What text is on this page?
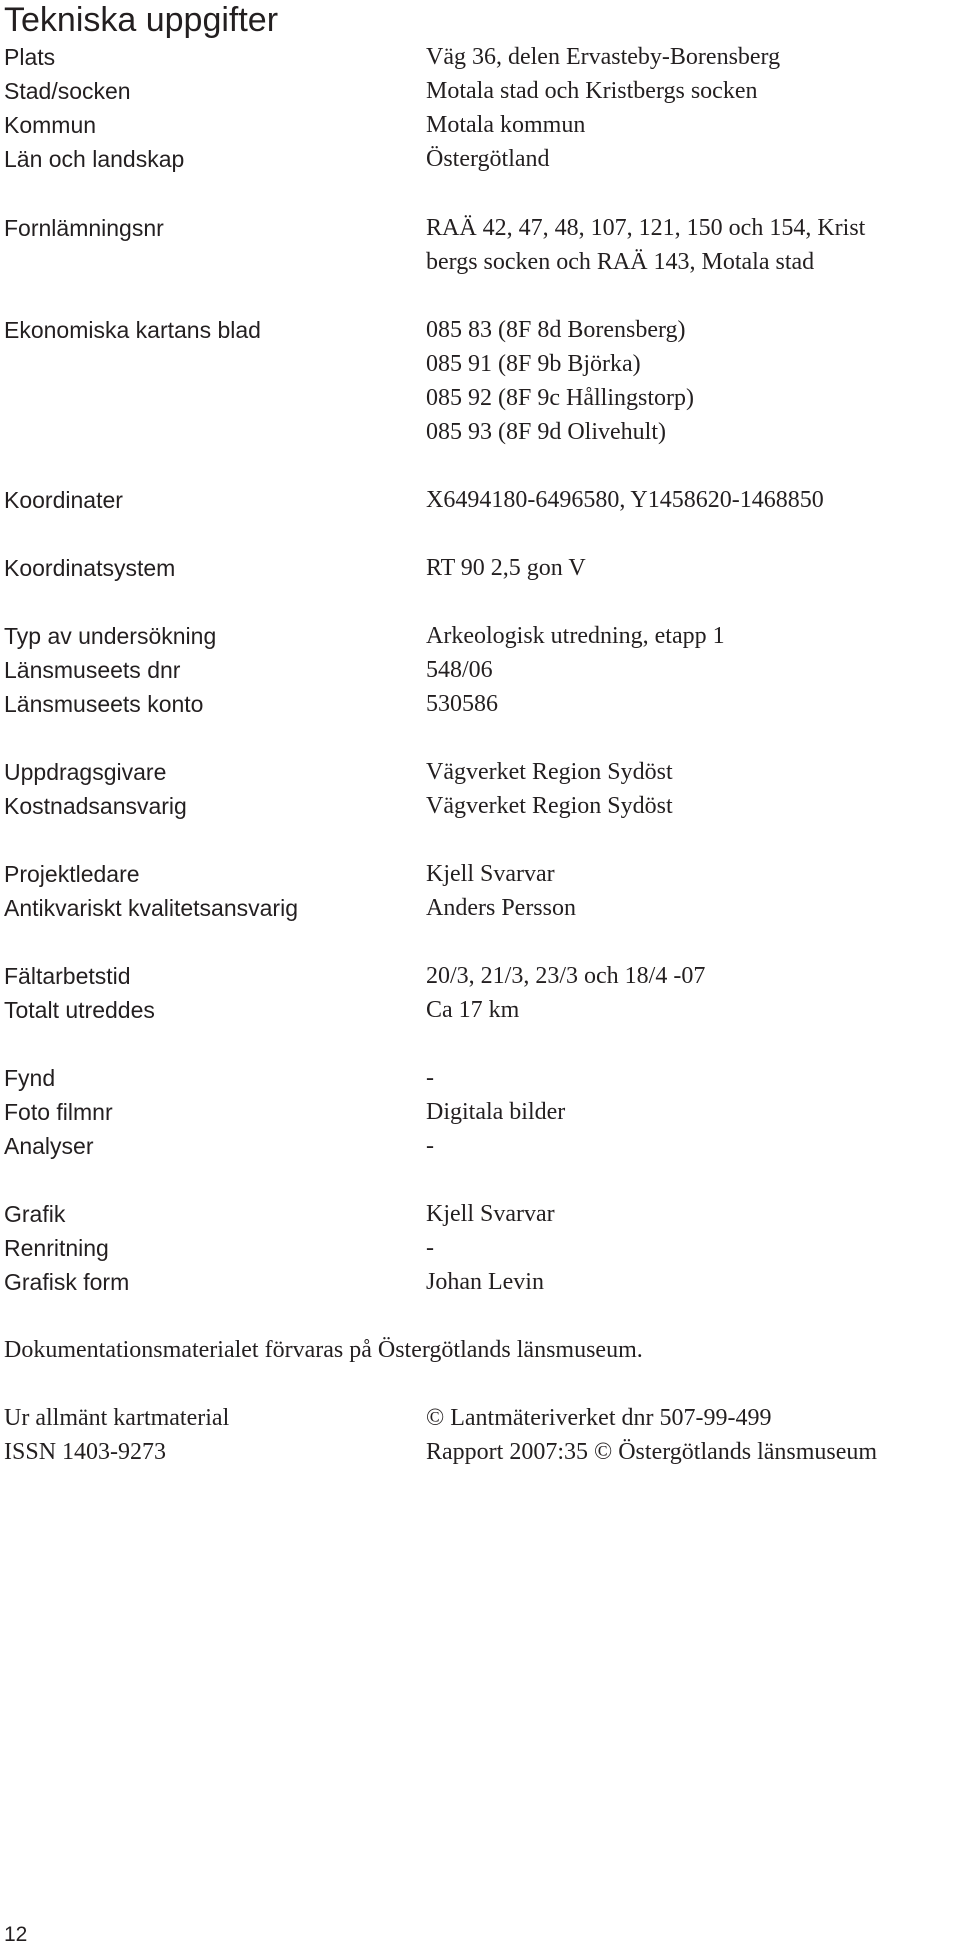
Tekniska uppgifter
Plats	Väg 36, delen Ervasteby-Borensberg
Stad/socken	Motala stad och Kristbergs socken
Kommun	Motala kommun
Län och landskap	Östergötland
Fornlämningsnr	RAÄ 42, 47, 48, 107, 121, 150 och 154, Krist
bergs socken och RAÄ 143, Motala stad
Ekonomiska kartans blad	085 83 (8F 8d Borensberg)
085 91 (8F 9b Björka)
085 92 (8F 9c Hållingstorp)
085 93 (8F 9d Olivehult)
Koordinater	X6494180-6496580, Y1458620-1468850
Koordinatsystem	RT 90 2,5 gon V
Typ av undersökning	Arkeologisk utredning, etapp 1
Länsmuseets dnr	548/06
Länsmuseets konto	530586
Uppdragsgivare	Vägverket Region Sydöst
Kostnadsansvarig	Vägverket Region Sydöst
Projektledare	Kjell Svarvar
Antikvariskt kvalitetsansvarig	Anders Persson
Fältarbetstid	20/3, 21/3, 23/3 och 18/4 -07
Totalt utreddes	Ca 17 km
Fynd	-
Foto filmnr	Digitala bilder
Analyser	-
Grafik	Kjell Svarvar
Renritning	-
Grafisk form	Johan Levin
Dokumentationsmaterialet förvaras på Östergötlands länsmuseum.
Ur allmänt kartmaterial	© Lantmäteriverket dnr 507-99-499
ISSN 1403-9273	Rapport 2007:35 © Östergötlands länsmuseum
12
